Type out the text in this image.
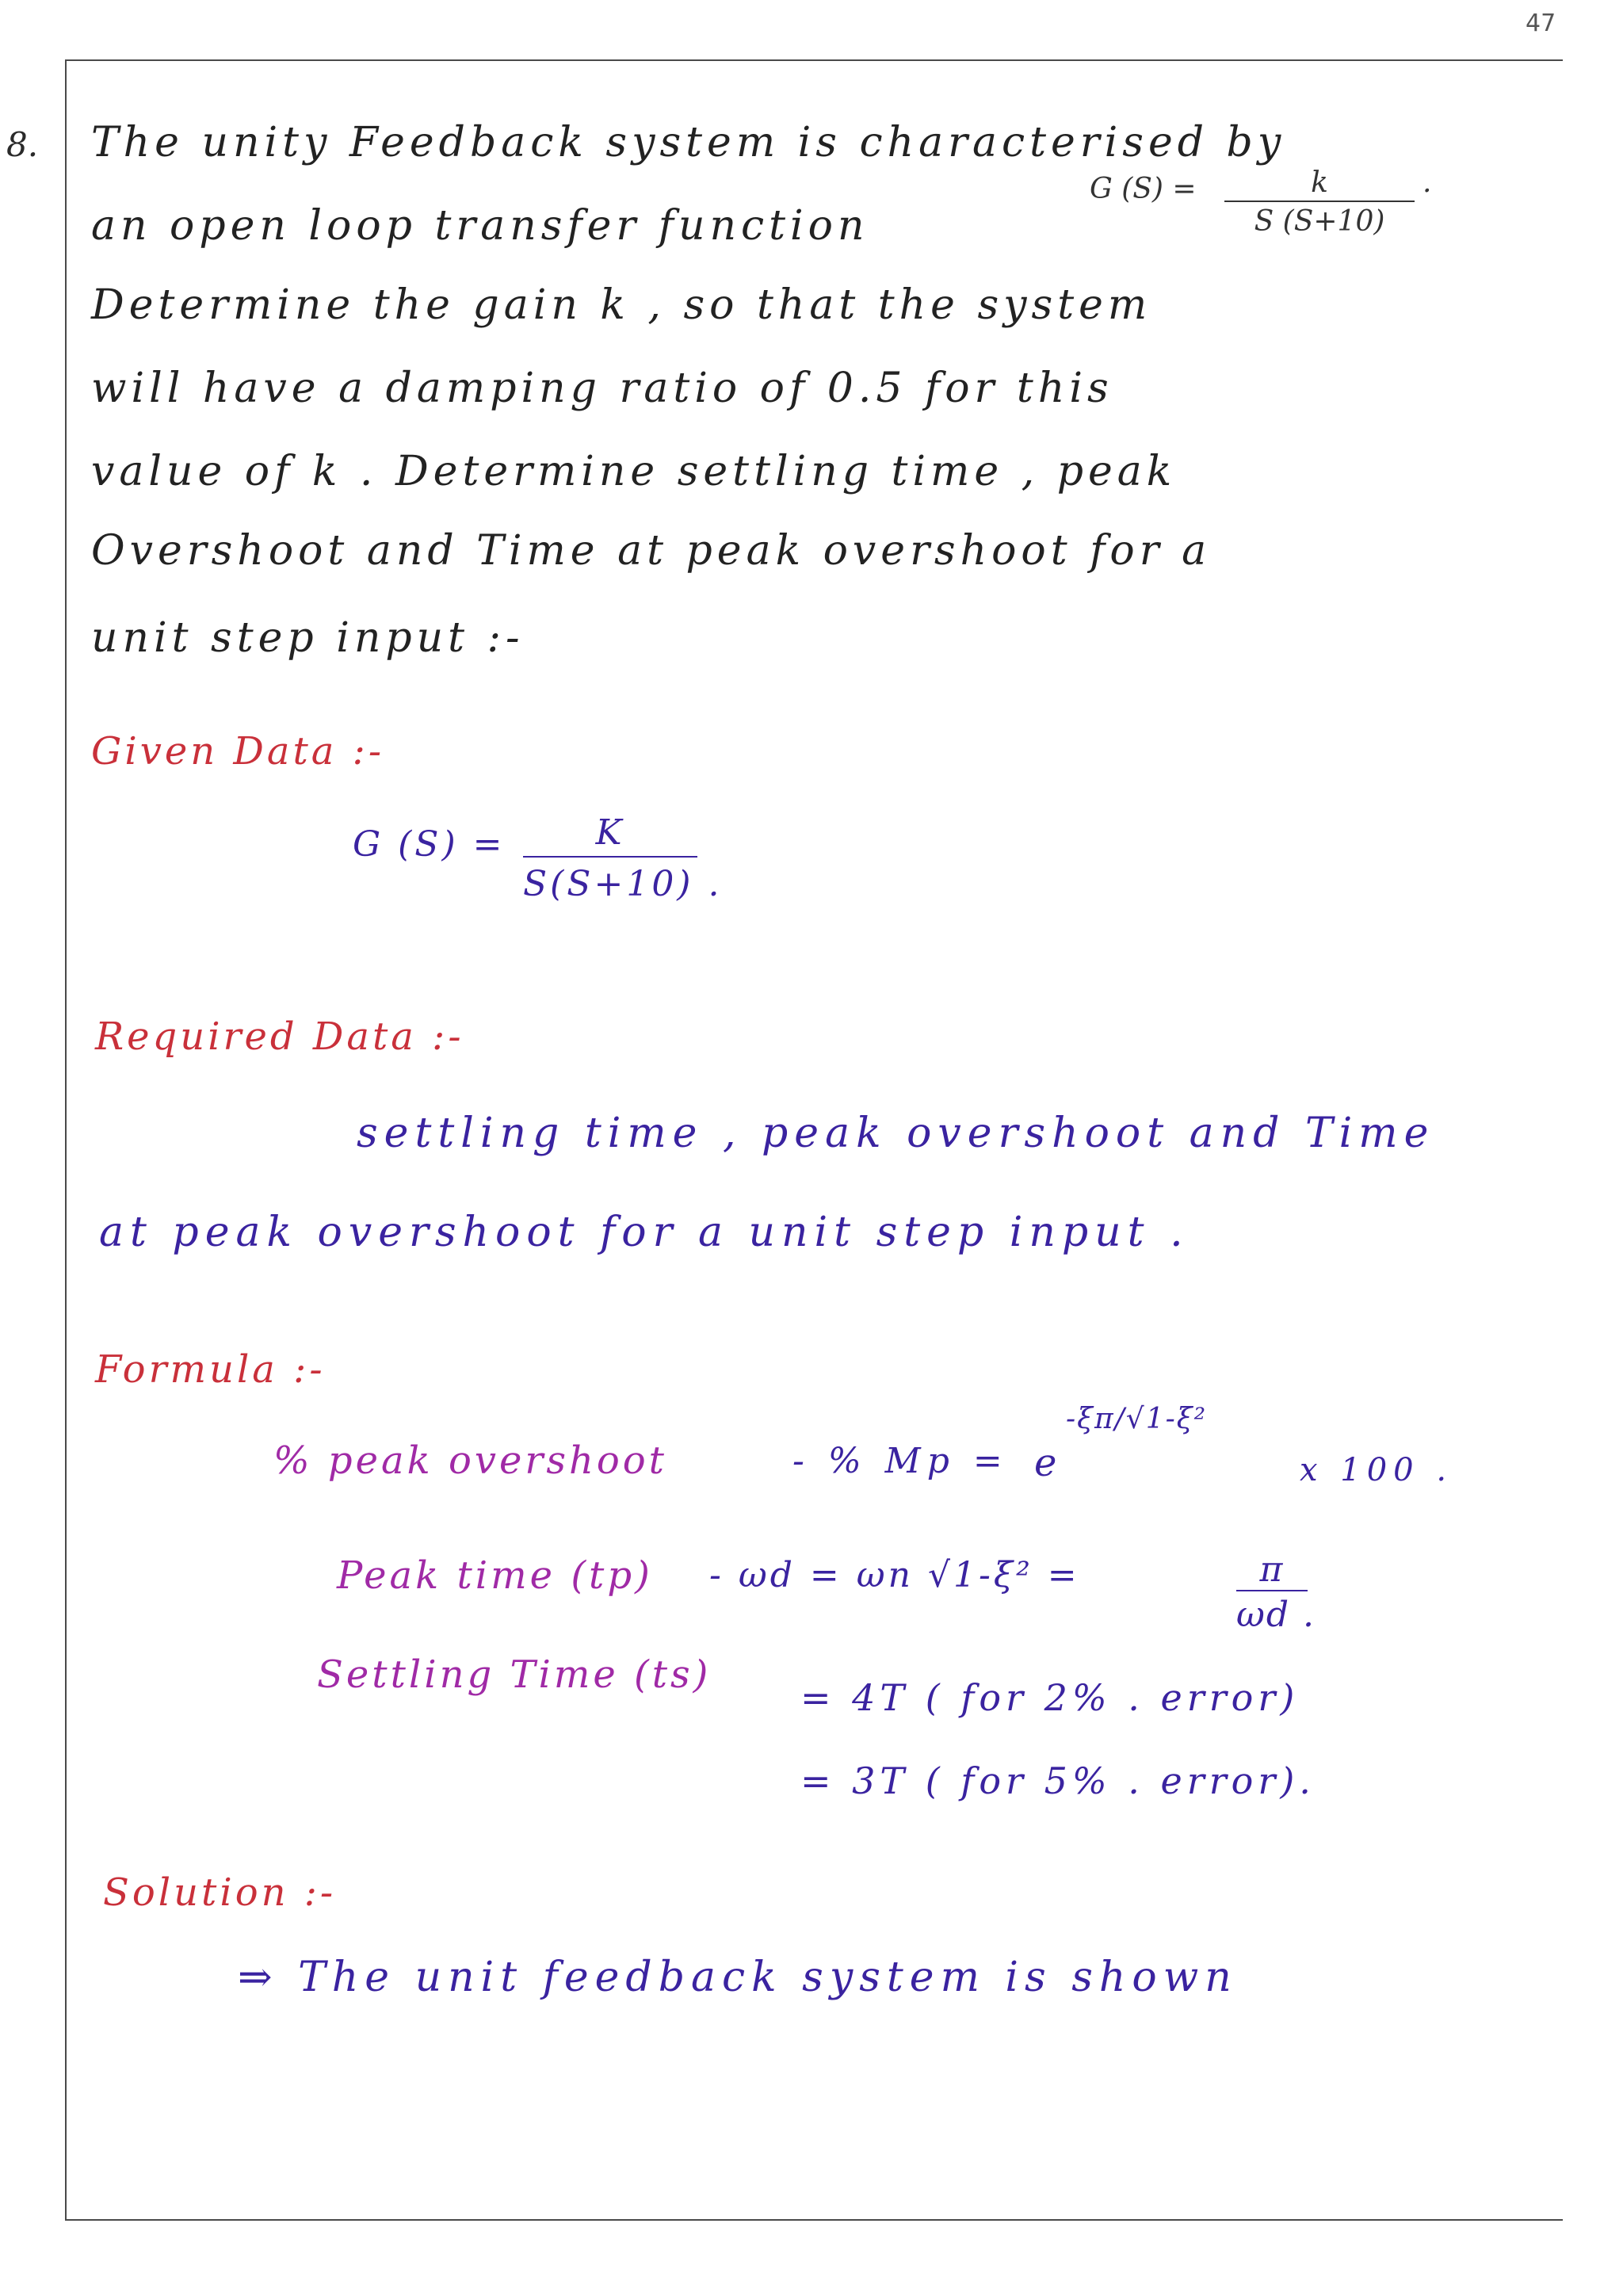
47
8. The unity Feedback system is characterised by
an open loop transfer function
G $(S) = \frac{k}{S (S+10)}$ .
Determine the gain k , so that the system
will have a damping ratio of 0.5 for this
value of k . Determine settling time , peak
Overshoot and Time at peak overshoot for a
unit step input :-
Given Data :-
G $(S) = \frac{K}{S(S+10) .}$
Required Data :-
settling time , peak overshoot and Time
at peak overshoot for a unit step input .
Formula :-
% peak overshoot	- % Mp = e
-ξπ/√1-ξ²
x 100 .
Peak time (tp) - ωd = ωn √1-ξ² =	$\frac{\pi}{\omega d .}$
Settling Time (ts)
= 4T ( for 2% . error)
= 3T ( for 5% . error).
Solution :-
⇒ The unit feedback system is shown
